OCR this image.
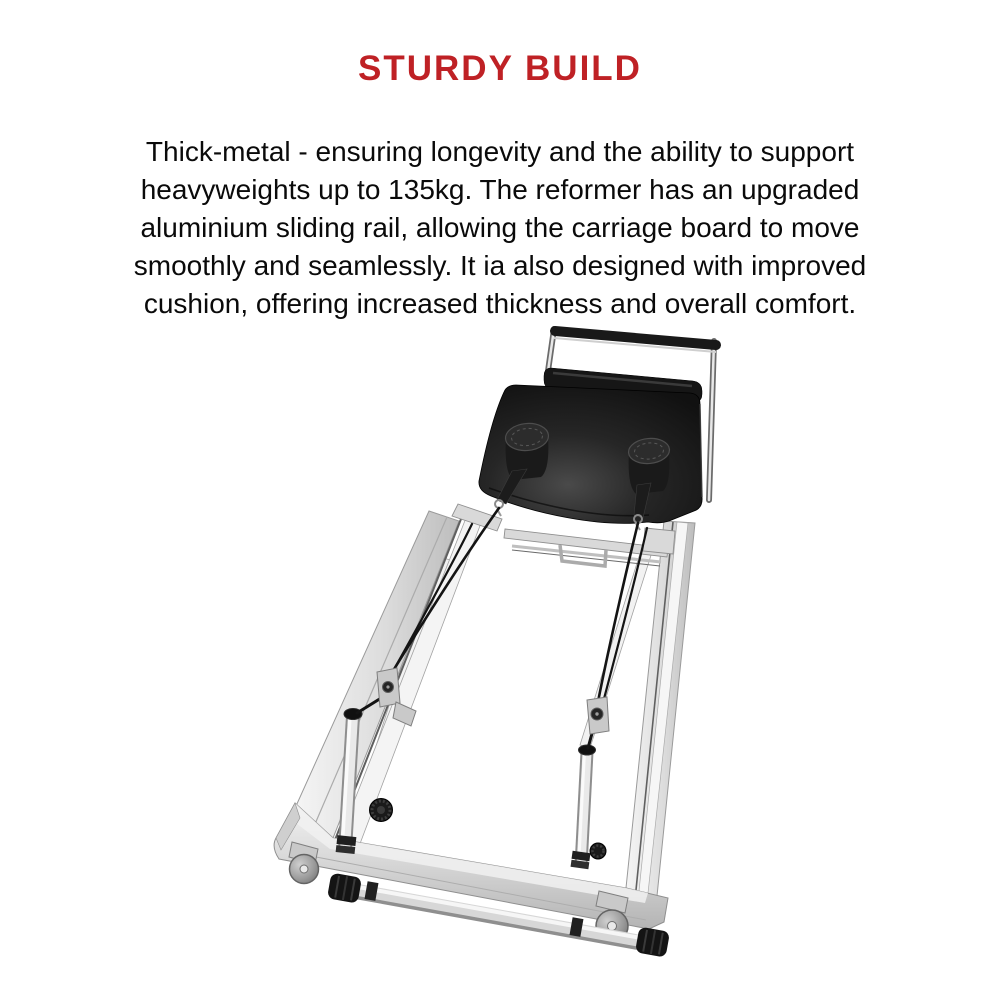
STURDY BUILD

Thick-metal - ensuring longevity and the ability to support
heavyweights up to 135kg. The reformer has an upgraded
aluminium sliding rail, allowing the carriage board to move
smoothly and seamlessly. It ia also designed with improved
cushion, offering increased thickness and overall comfort.
